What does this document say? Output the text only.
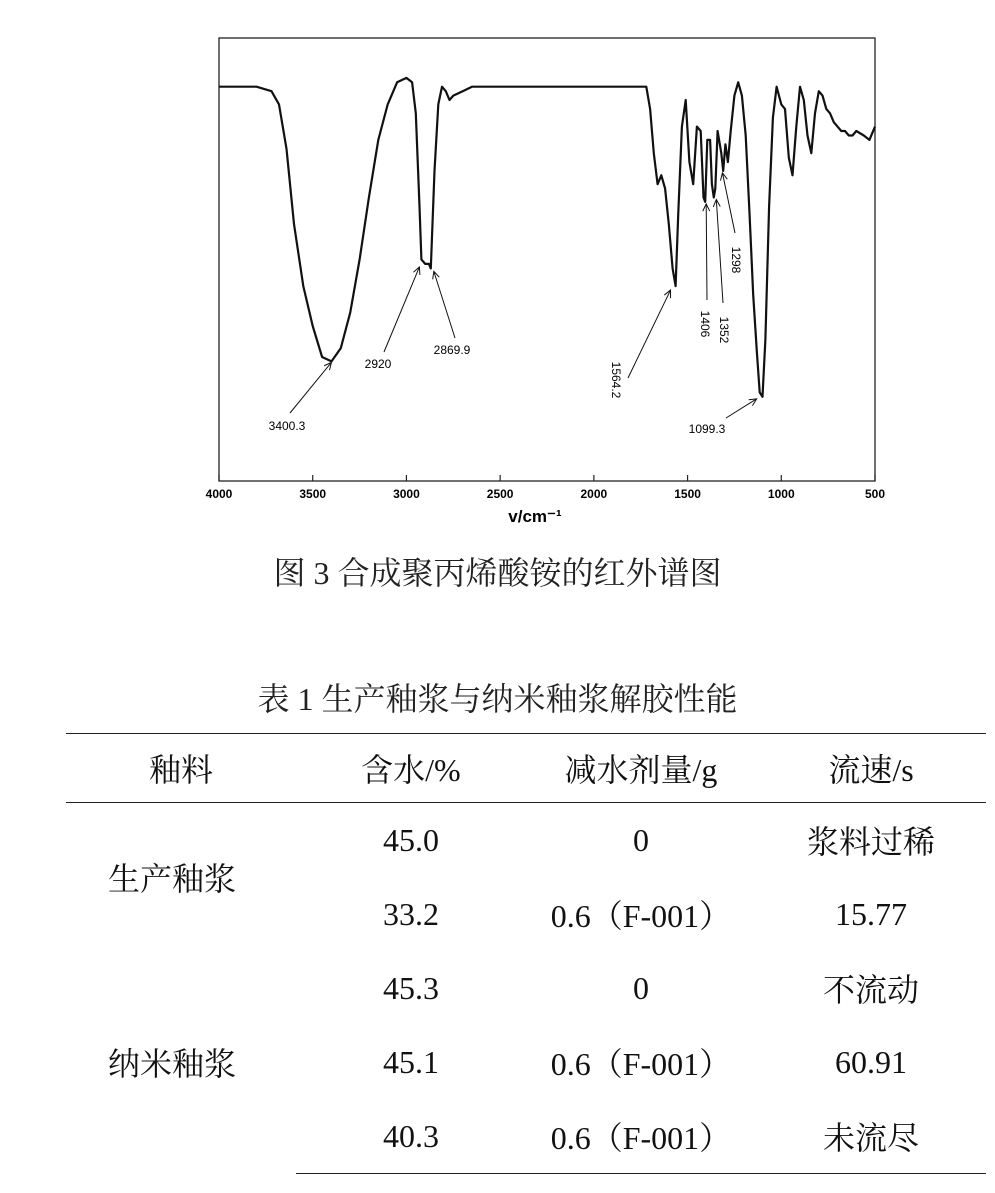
4000	3500	3000	2500	2000	1500	1000	500
3400.3
2920
2869.9
1564.2
1406 1352
1298
1099.3
v/cm⁻¹
图 3 合成聚丙烯酸铵的红外谱图
表 1 生产釉浆与纳米釉浆解胶性能
釉料	含水/%	减水剂量/g	流速/s
生产釉浆	45.0	0	浆料过稀
	33.2	0.6（F-001）	15.77
纳米釉浆	45.3	0	不流动
	45.1	0.6（F-001）	60.91
	40.3	0.6（F-001）	未流尽
